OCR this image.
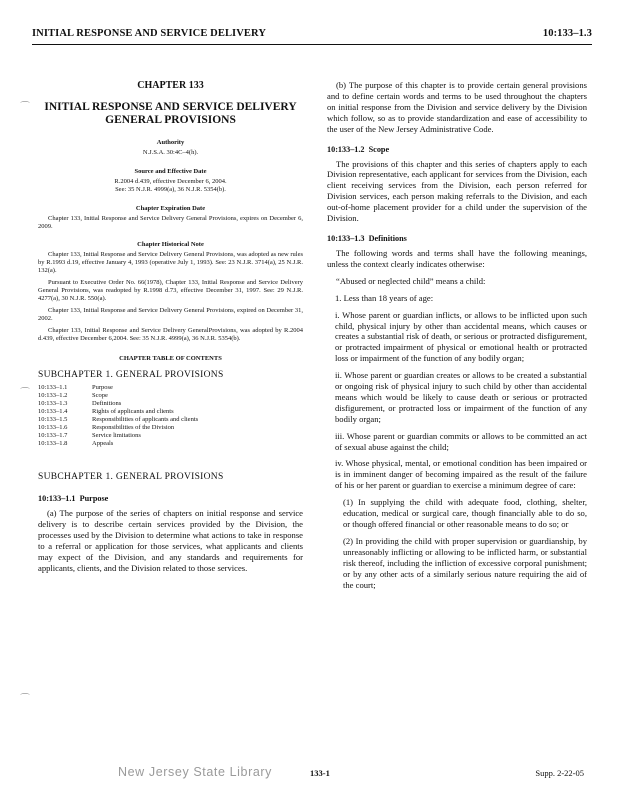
INITIAL RESPONSE AND SERVICE DELIVERY	10:133–1.3
⌒
⌒
⌒
CHAPTER 133
INITIAL RESPONSE AND SERVICE DELIVERY
GENERAL PROVISIONS
Authority
N.J.S.A. 30:4C–4(h).
Source and Effective Date
R.2004 d.439, effective December 6, 2004.
See: 35 N.J.R. 4999(a), 36 N.J.R. 5354(b).
Chapter Expiration Date
Chapter 133, Initial Response and Service Delivery General Provisions, expires on December 6, 2009.
Chapter Historical Note
Chapter 133, Initial Response and Service Delivery General Provisions, was adopted as new rules by R.1993 d.19, effective January 4, 1993 (operative July 1, 1993). See: 23 N.J.R. 3714(a), 25 N.J.R. 132(a).
Pursuant to Executive Order No. 66(1978), Chapter 133, Initial Response and Service Delivery General Provisions, was readopted by R.1998 d.73, effective December 31, 1997. See: 29 N.J.R. 4277(a), 30 N.J.R. 550(a).
Chapter 133, Initial Response and Service Delivery General Provisions, expired on December 31, 2002.
Chapter 133, Initial Response and Service Delivery GeneralProvisions, was adopted by R.2004 d.439, effective December 6,2004. See: 35 N.J.R. 4999(a), 36 N.J.R. 5354(b).
CHAPTER TABLE OF CONTENTS
SUBCHAPTER 1. GENERAL PROVISIONS
10:133–1.1	Purpose
10:133–1.2	Scope
10:133–1.3	Definitions
10:133–1.4	Rights of applicants and clients
10:133–1.5	Responsibilities of applicants and clients
10:133–1.6	Responsibilities of the Division
10:133–1.7	Service limitations
10:133–1.8	Appeals
SUBCHAPTER 1. GENERAL PROVISIONS
10:133–1.1 Purpose
(a) The purpose of the series of chapters on initial response and service delivery is to describe certain services provided by the Division, the processes used by the Division to determine what actions to take in response to a referral or application for those services, what applicants and clients may expect of the Division, and any standards and requirements for applicants, clients, and the Division related to those services.
(b) The purpose of this chapter is to provide certain general provisions and to define certain words and terms to be used throughout the chapters on initial response from the Division and service delivery by the Division which follow, so as to provide standardization and ease of accessibility to the user of the New Jersey Administrative Code.
10:133–1.2 Scope
The provisions of this chapter and this series of chapters apply to each Division representative, each applicant for services from the Division, each client receiving services from the Division, each person referred for Division services, each person making referrals to the Division, and each out-of-home placement provider for a child under the supervision of the Division.
10:133–1.3 Definitions
The following words and terms shall have the following meanings, unless the context clearly indicates otherwise:
“Abused or neglected child” means a child:
1. Less than 18 years of age:
i. Whose parent or guardian inflicts, or allows to be inflicted upon such child, physical injury by other than accidental means, which causes or creates a substantial risk of death, or serious or protracted disfigurement, or protracted impairment of physical or emotional health or protracted loss or impairment of the function of any bodily organ;
ii. Whose parent or guardian creates or allows to be created a substantial or ongoing risk of physical injury to such child by other than accidental means which would be likely to cause death or serious or protracted disfigurement, or protracted loss or impairment of the function of any bodily organ;
iii. Whose parent or guardian commits or allows to be committed an act of sexual abuse against the child;
iv. Whose physical, mental, or emotional condition has been impaired or is in imminent danger of becoming impaired as the result of the failure of his or her parent or guardian to exercise a minimum degree of care:
(1) In supplying the child with adequate food, clothing, shelter, education, medical or surgical care, though financially able to do so, or though offered financial or other reasonable means to do so; or
(2) In providing the child with proper supervision or guardianship, by unreasonably inflicting or allowing to be inflicted harm, or substantial risk thereof, including the infliction of excessive corporal punishment; or by any other acts of a similarly serious nature requiring the aid of the court;
New Jersey State Library	133-1	Supp. 2-22-05
